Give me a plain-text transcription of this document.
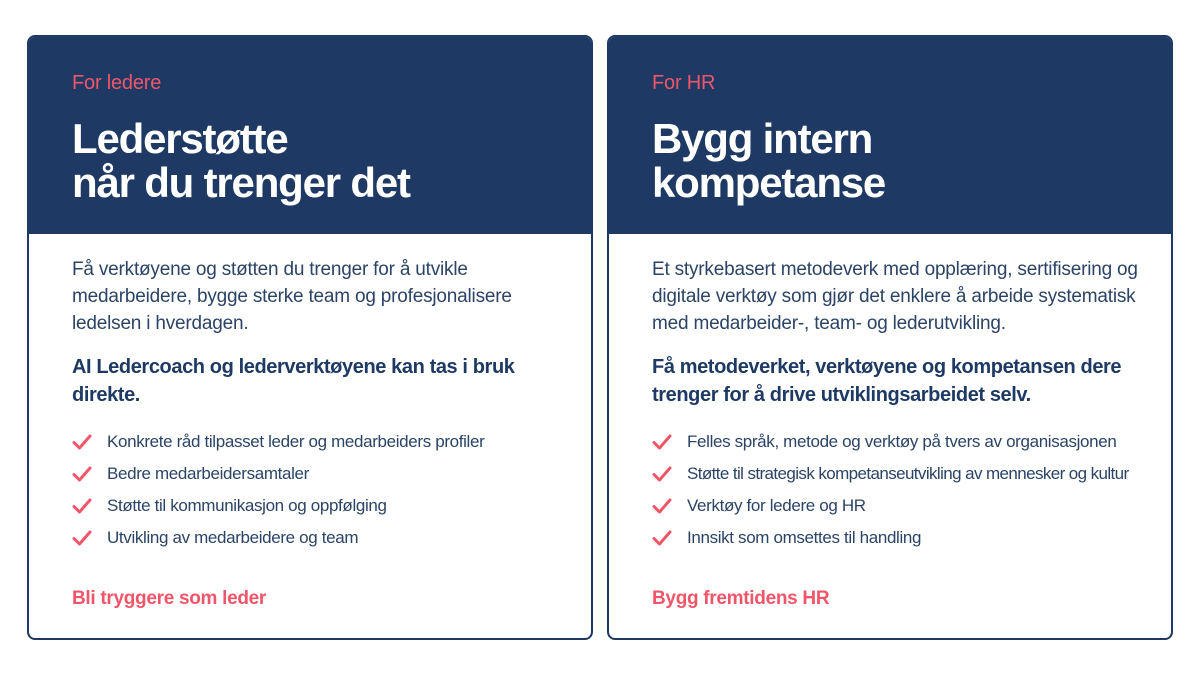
For ledere
Lederstøtte
når du trenger det

Få verktøyene og støtten du trenger for å utvikle medarbeidere, bygge sterke team og profesjonalisere ledelsen i hverdagen.

AI Ledercoach og lederverktøyene kan tas i bruk direkte.

Konkrete råd tilpasset leder og medarbeiders profiler
Bedre medarbeidersamtaler
Støtte til kommunikasjon og oppfølging
Utvikling av medarbeidere og team
Bli tryggere som leder
For HR
Bygg intern
kompetanse

Et styrkebasert metodeverk med opplæring, sertifisering og digitale verktøy som gjør det enklere å arbeide systematisk med medarbeider-, team- og lederutvikling.

Få metodeverket, verktøyene og kompetansen dere trenger for å drive utviklingsarbeidet selv.

Felles språk, metode og verktøy på tvers av organisasjonen
Støtte til strategisk kompetanseutvikling av mennesker og kultur
Verktøy for ledere og HR
Innsikt som omsettes til handling
Bygg fremtidens HR
